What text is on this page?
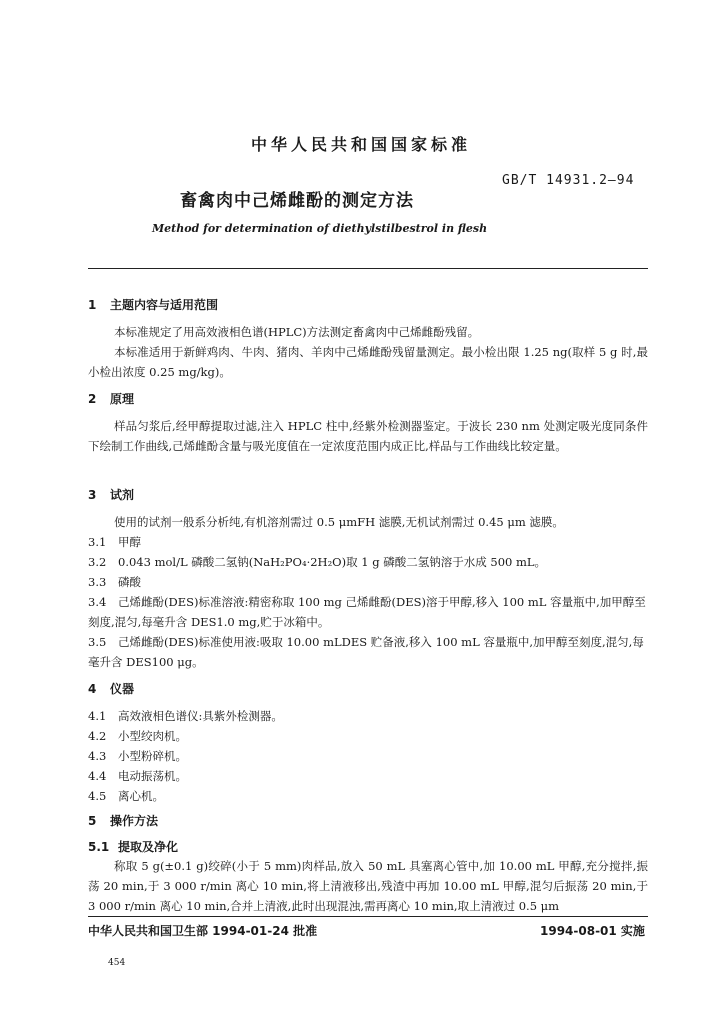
中华人民共和国国家标准
GB/T 14931.2—94
畜禽肉中己烯雌酚的测定方法
Method for determination of diethylstilbestrol in flesh
1 主题内容与适用范围
本标准规定了用高效液相色谱(HPLC)方法测定畜禽肉中己烯雌酚残留。
本标准适用于新鲜鸡肉、牛肉、猪肉、羊肉中己烯雌酚残留量测定。最小检出限 1.25 ng(取样 5 g 时,最小检出浓度 0.25 mg/kg)。
2 原理
样品匀浆后,经甲醇提取过滤,注入 HPLC 柱中,经紫外检测器鉴定。于波长 230 nm 处测定吸光度同条件下绘制工作曲线,己烯雌酚含量与吸光度值在一定浓度范围内成正比,样品与工作曲线比较定量。
3 试剂
使用的试剂一般系分析纯,有机溶剂需过 0.5 μmFH 滤膜,无机试剂需过 0.45 μm 滤膜。
3.1 甲醇
3.2 0.043 mol/L 磷酸二氢钠(NaH₂PO₄·2H₂O)取 1 g 磷酸二氢钠溶于水成 500 mL。
3.3 磷酸
3.4 己烯雌酚(DES)标准溶液:精密称取 100 mg 己烯雌酚(DES)溶于甲醇,移入 100 mL 容量瓶中,加甲醇至刻度,混匀,每毫升含 DES1.0 mg,贮于冰箱中。
3.5 己烯雌酚(DES)标准使用液:吸取 10.00 mLDES 贮备液,移入 100 mL 容量瓶中,加甲醇至刻度,混匀,每毫升含 DES100 μg。
4 仪器
4.1 高效液相色谱仪:具紫外检测器。
4.2 小型绞肉机。
4.3 小型粉碎机。
4.4 电动振荡机。
4.5 离心机。
5 操作方法
5.1 提取及净化
称取 5 g(±0.1 g)绞碎(小于 5 mm)肉样品,放入 50 mL 具塞离心管中,加 10.00 mL 甲醇,充分搅拌,振荡 20 min,于 3 000 r/min 离心 10 min,将上清液移出,残渣中再加 10.00 mL 甲醇,混匀后振荡 20 min,于 3 000 r/min 离心 10 min,合并上清液,此时出现混浊,需再离心 10 min,取上清液过 0.5 μm
中华人民共和国卫生部 1994-01-24 批准	1994-08-01 实施
454
